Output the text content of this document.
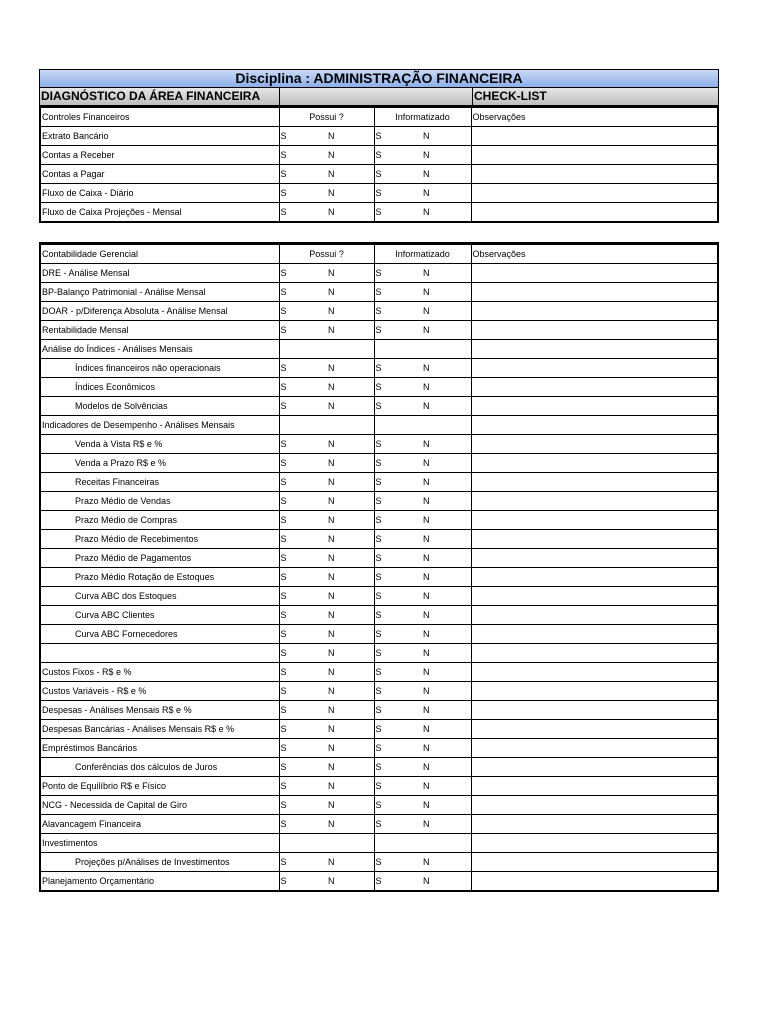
Disciplina : ADMINISTRAÇÃO FINANCEIRA
DIAGNÓSTICO DA ÁREA FINANCEIRA	CHECK-LIST
Controles Financeiros	Possui ?		Informatizado		Observações
Extrato Bancário	S	N	S	N	
Contas a Receber	S	N	S	N	
Contas a Pagar	S	N	S	N	
Fluxo de Caixa - Diário	S	N	S	N	
Fluxo de Caixa Projeções - Mensal	S	N	S	N	
Contabilidade Gerencial	Possui ?		Informatizado		Observações
DRE - Análise Mensal	S	N	S	N	
BP-Balanço Patrimonial - Análise Mensal	S	N	S	N	
DOAR - p/Diferença Absoluta - Análise Mensal	S	N	S	N	
Rentabilidade Mensal	S	N	S	N	
Análise do Índices - Análises Mensais					
Índices financeiros não operacionais	S	N	S	N	
Índices Econômicos	S	N	S	N	
Modelos de Solvências	S	N	S	N	
Indicadores de Desempenho - Análises Mensais					
Venda à Vista R$ e %	S	N	S	N	
Venda a Prazo R$ e %	S	N	S	N	
Receitas Financeiras	S	N	S	N	
Prazo Médio de Vendas	S	N	S	N	
Prazo Médio de Compras	S	N	S	N	
Prazo Médio de Recebimentos	S	N	S	N	
Prazo Médio de Pagamentos	S	N	S	N	
Prazo Médio Rotação de Estoques	S	N	S	N	
Curva ABC dos Estoques	S	N	S	N	
Curva ABC Clientes	S	N	S	N	
Curva ABC Fornecedores	S	N	S	N	
	S	N	S	N	
Custos Fixos - R$ e %	S	N	S	N	
Custos Variáveis - R$ e %	S	N	S	N	
Despesas - Análises Mensais R$ e %	S	N	S	N	
Despesas Bancárias - Análises Mensais R$ e %	S	N	S	N	
Empréstimos Bancários	S	N	S	N	
Conferências dos cálculos de Juros	S	N	S	N	
Ponto de Equilíbrio R$ e Físico	S	N	S	N	
NCG - Necessida de Capital de Giro	S	N	S	N	
Alavancagem Financeira	S	N	S	N	
Investimentos					
Projeções p/Análises de Investimentos	S	N	S	N	
Planejamento Orçamentário	S	N	S	N	
